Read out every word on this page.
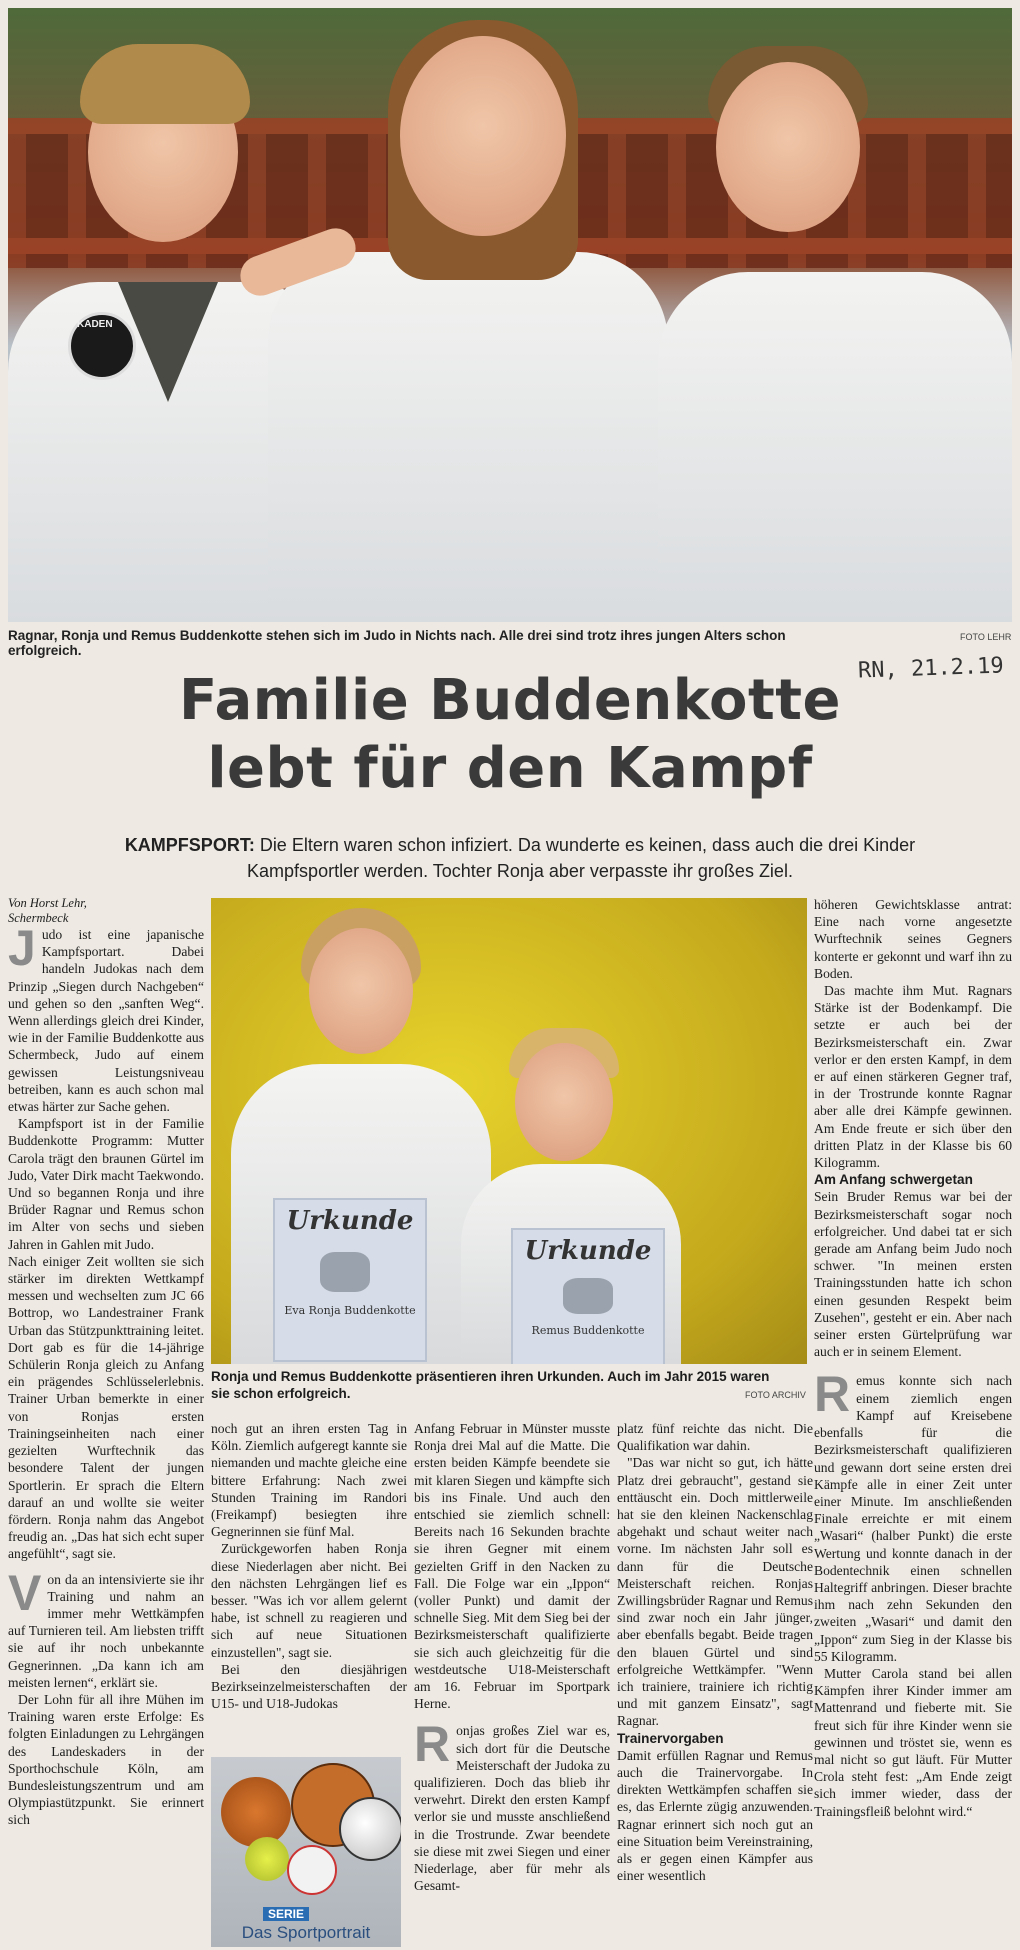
KADEN
Ragnar, Ronja und Remus Buddenkotte stehen sich im Judo in Nichts nach. Alle drei sind trotz ihres jungen Alters schon erfolgreich.
FOTO LEHR
RN, 21.2.19
Familie Buddenkotte
lebt für den Kampf
KAMPFSPORT: Die Eltern waren schon infiziert. Da wunderte es keinen, dass auch die drei Kinder Kampfsportler werden. Tochter Ronja aber verpasste ihr großes Ziel.

Von Horst Lehr,
Schermbeck

Judo ist eine japanische Kampfsportart. Dabei handeln Judokas nach dem Prinzip „Siegen durch Nachgeben“ und gehen so den „sanften Weg“. Wenn allerdings gleich drei Kinder, wie in der Familie Buddenkotte aus Schermbeck, Judo auf einem gewissen Leistungsniveau betreiben, kann es auch schon mal etwas härter zur Sache gehen.

Kampfsport ist in der Familie Buddenkotte Programm: Mutter Carola trägt den braunen Gürtel im Judo, Vater Dirk macht Taekwondo. Und so begannen Ronja und ihre Brüder Ragnar und Remus schon im Alter von sechs und sieben Jahren in Gahlen mit Judo.

Nach einiger Zeit wollten sie sich stärker im direkten Wettkampf messen und wechselten zum JC 66 Bottrop, wo Landestrainer Frank Urban das Stützpunkttraining leitet. Dort gab es für die 14-jährige Schülerin Ronja gleich zu Anfang ein prägendes Schlüsselerlebnis. Trainer Urban bemerkte in einer von Ronjas ersten Trainingseinheiten nach einer gezielten Wurftechnik das besondere Talent der jungen Sportlerin. Er sprach die Eltern darauf an und wollte sie weiter fördern. Ronja nahm das Angebot freudig an. „Das hat sich echt super angefühlt“, sagt sie.

Von da an intensivierte sie ihr Training und nahm an immer mehr Wettkämpfen auf Turnieren teil. Am liebsten trifft sie auf ihr noch unbekannte Gegnerinnen. „Da kann ich am meisten lernen“, erklärt sie.

Der Lohn für all ihre Mühen im Training waren erste Erfolge: Es folgten Einladungen zu Lehrgängen des Landeskaders in der Sporthochschule Köln, am Bundesleistungszentrum und am Olympiastützpunkt. Sie erinnert sich

Urkunde
Eva Ronja Buddenkotte
Urkunde
Remus Buddenkotte
Ronja und Remus Buddenkotte präsentieren ihren Urkunden. Auch im Jahr 2015 waren sie schon erfolgreich.	FOTO ARCHIV

noch gut an ihren ersten Tag in Köln. Ziemlich aufgeregt kannte sie niemanden und machte gleiche eine bittere Erfahrung: Nach zwei Stunden Training im Randori (Freikampf) besiegten ihre Gegnerinnen sie fünf Mal.

Zurückgeworfen haben Ronja diese Niederlagen aber nicht. Bei den nächsten Lehrgängen lief es besser. "Was ich vor allem gelernt habe, ist schnell zu reagieren und sich auf neue Situationen einzustellen", sagt sie.

Bei den diesjährigen Bezirkseinzelmeisterschaften der U15- und U18-Judokas

SERIE
Das Sportportrait

Anfang Februar in Münster musste Ronja drei Mal auf die Matte. Die ersten beiden Kämpfe beendete sie mit klaren Siegen und kämpfte sich bis ins Finale. Und auch den entschied sie ziemlich schnell: Bereits nach 16 Sekunden brachte sie ihren Gegner mit einem gezielten Griff in den Nacken zu Fall. Die Folge war ein „Ippon“ (voller Punkt) und damit der schnelle Sieg. Mit dem Sieg bei der Bezirksmeisterschaft qualifizierte sie sich auch gleichzeitig für die westdeutsche U18-Meisterschaft am 16. Februar im Sportpark Herne.

Ronjas großes Ziel war es, sich dort für die Deutsche Meisterschaft der Judoka zu qualifizieren. Doch das blieb ihr verwehrt. Direkt den ersten Kampf verlor sie und musste anschließend in die Trostrunde. Zwar beendete sie diese mit zwei Siegen und einer Niederlage, aber für mehr als Gesamt-

platz fünf reichte das nicht. Die Qualifikation war dahin.

"Das war nicht so gut, ich hätte Platz drei gebraucht", gestand sie enttäuscht ein. Doch mittlerweile hat sie den kleinen Nackenschlag abgehakt und schaut weiter nach vorne. Im nächsten Jahr soll es dann für die Deutsche Meisterschaft reichen. Ronjas Zwillingsbrüder Ragnar und Remus sind zwar noch ein Jahr jünger, aber ebenfalls begabt. Beide tragen den blauen Gürtel und sind erfolgreiche Wettkämpfer. "Wenn ich trainiere, trainiere ich richtig und mit ganzem Einsatz", sagt Ragnar.

Trainervorgaben

Damit erfüllen Ragnar und Remus auch die Trainervorgabe. In direkten Wettkämpfen schaffen sie es, das Erlernte zügig anzuwenden. Ragnar erinnert sich noch gut an eine Situation beim Vereinstraining, als er gegen einen Kämpfer aus einer wesentlich

höheren Gewichtsklasse antrat: Eine nach vorne angesetzte Wurftechnik seines Gegners konterte er gekonnt und warf ihn zu Boden.

Das machte ihm Mut. Ragnars Stärke ist der Bodenkampf. Die setzte er auch bei der Bezirksmeisterschaft ein. Zwar verlor er den ersten Kampf, in dem er auf einen stärkeren Gegner traf, in der Trostrunde konnte Ragnar aber alle drei Kämpfe gewinnen. Am Ende freute er sich über den dritten Platz in der Klasse bis 60 Kilogramm.

Am Anfang schwergetan

Sein Bruder Remus war bei der Bezirksmeisterschaft sogar noch erfolgreicher. Und dabei tat er sich gerade am Anfang beim Judo noch schwer. "In meinen ersten Trainingsstunden hatte ich schon einen gesunden Respekt beim Zusehen", gesteht er ein. Aber nach seiner ersten Gürtelprüfung war auch er in seinem Element.

Remus konnte sich nach einem ziemlich engen Kampf auf Kreisebene ebenfalls für die Bezirksmeisterschaft qualifizieren und gewann dort seine ersten drei Kämpfe alle in einer Zeit unter einer Minute. Im anschließenden Finale erreichte er mit einem „Wasari“ (halber Punkt) die erste Wertung und konnte danach in der Bodentechnik einen schnellen Haltegriff anbringen. Dieser brachte ihm nach zehn Sekunden den zweiten „Wasari“ und damit den „Ippon“ zum Sieg in der Klasse bis 55 Kilogramm.

Mutter Carola stand bei allen Kämpfen ihrer Kinder immer am Mattenrand und fieberte mit. Sie freut sich für ihre Kinder wenn sie gewinnen und tröstet sie, wenn es mal nicht so gut läuft. Für Mutter Crola steht fest: „Am Ende zeigt sich immer wieder, dass der Trainingsfleiß belohnt wird.“
